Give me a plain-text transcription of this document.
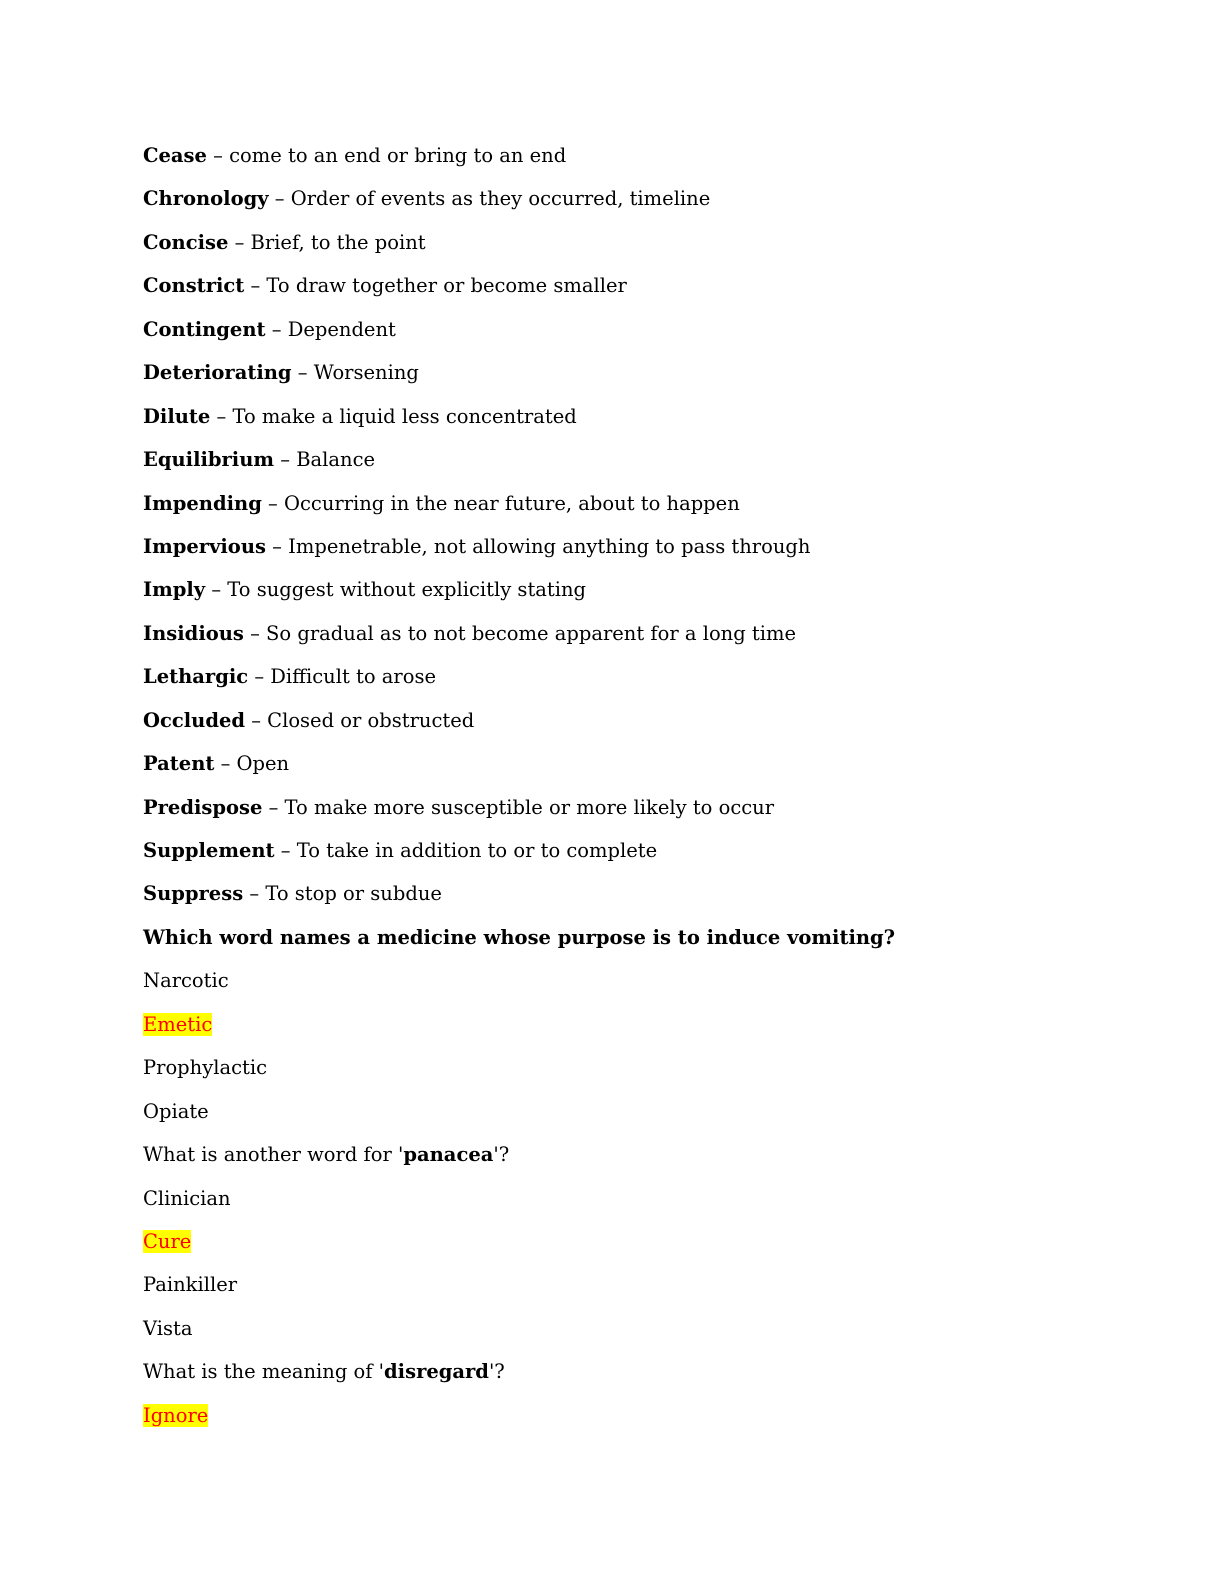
Cease – come to an end or bring to an end
Chronology – Order of events as they occurred, timeline
Concise – Brief, to the point
Constrict – To draw together or become smaller
Contingent – Dependent
Deteriorating – Worsening
Dilute – To make a liquid less concentrated
Equilibrium – Balance
Impending – Occurring in the near future, about to happen
Impervious – Impenetrable, not allowing anything to pass through
Imply – To suggest without explicitly stating
Insidious – So gradual as to not become apparent for a long time
Lethargic – Difficult to arose
Occluded – Closed or obstructed
Patent – Open
Predispose – To make more susceptible or more likely to occur
Supplement – To take in addition to or to complete
Suppress – To stop or subdue
Which word names a medicine whose purpose is to induce vomiting?
Narcotic
Emetic
Prophylactic
Opiate
What is another word for 'panacea'?
Clinician
Cure
Painkiller
Vista
What is the meaning of 'disregard'?
Ignore
